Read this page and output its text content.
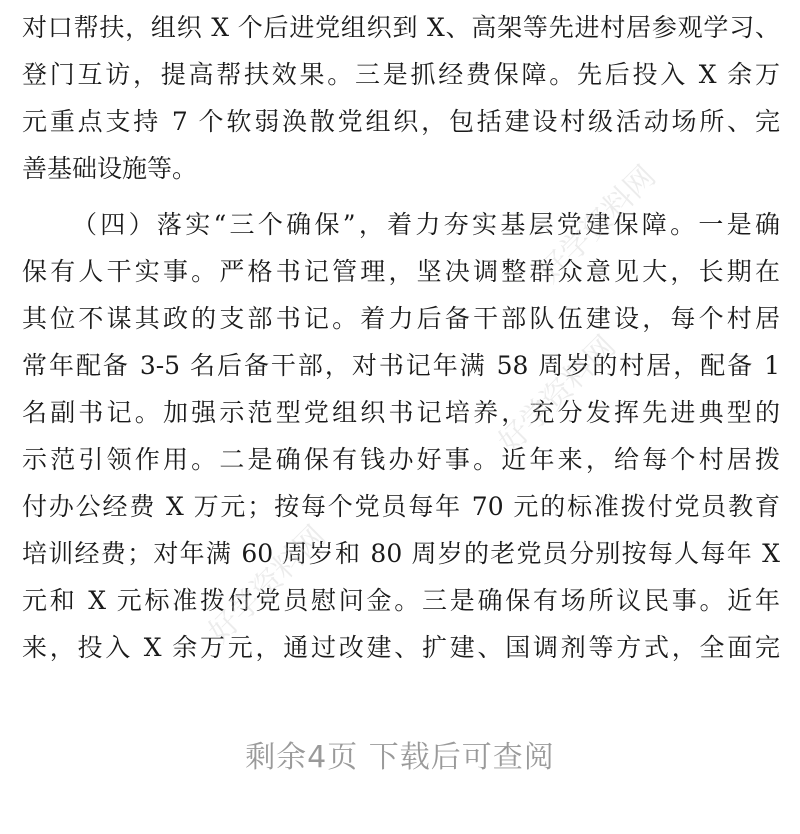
对口帮扶，组织 X 个后进党组织到 X、高架等先进村居参观学习、
登门互访，提高帮扶效果。三是抓经费保障。先后投入 X 余万
元重点支持 7 个软弱涣散党组织，包括建设村级活动场所、完
善基础设施等。
（四）落实“三个确保”，着力夯实基层党建保障。一是确
保有人干实事。严格书记管理，坚决调整群众意见大，长期在
其位不谋其政的支部书记。着力后备干部队伍建设，每个村居
常年配备 3-5 名后备干部，对书记年满 58 周岁的村居，配备 1
名副书记。加强示范型党组织书记培养，充分发挥先进典型的
示范引领作用。二是确保有钱办好事。近年来，给每个村居拨
付办公经费 X 万元；按每个党员每年 70 元的标准拨付党员教育
培训经费；对年满 60 周岁和 80 周岁的老党员分别按每人每年 X
元和 X 元标准拨付党员慰问金。三是确保有场所议民事。近年
来，投入 X 余万元，通过改建、扩建、国调剂等方式，全面完
好学资料网
好学资料网
好学资料网
剩余4页 下载后可查阅
